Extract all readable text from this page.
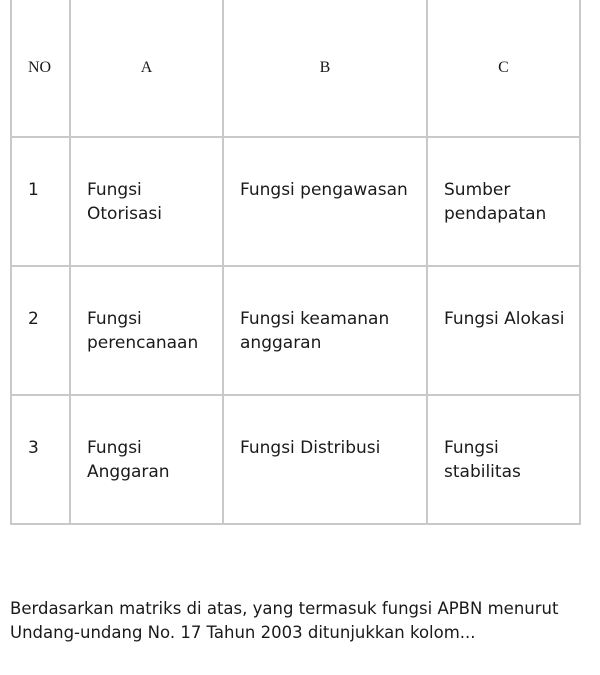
NO	A	B	C

1	Fungsi Otorisasi	Fungsi pengawasan	Sumber pendapatan

2	Fungsi perencanaan	Fungsi keamanan anggaran	Fungsi Alokasi

3	Fungsi Anggaran	Fungsi Distribusi	Fungsi stabilitas

Berdasarkan matriks di atas, yang termasuk fungsi APBN menurut Undang-undang No. 17 Tahun 2003 ditunjukkan kolom...
